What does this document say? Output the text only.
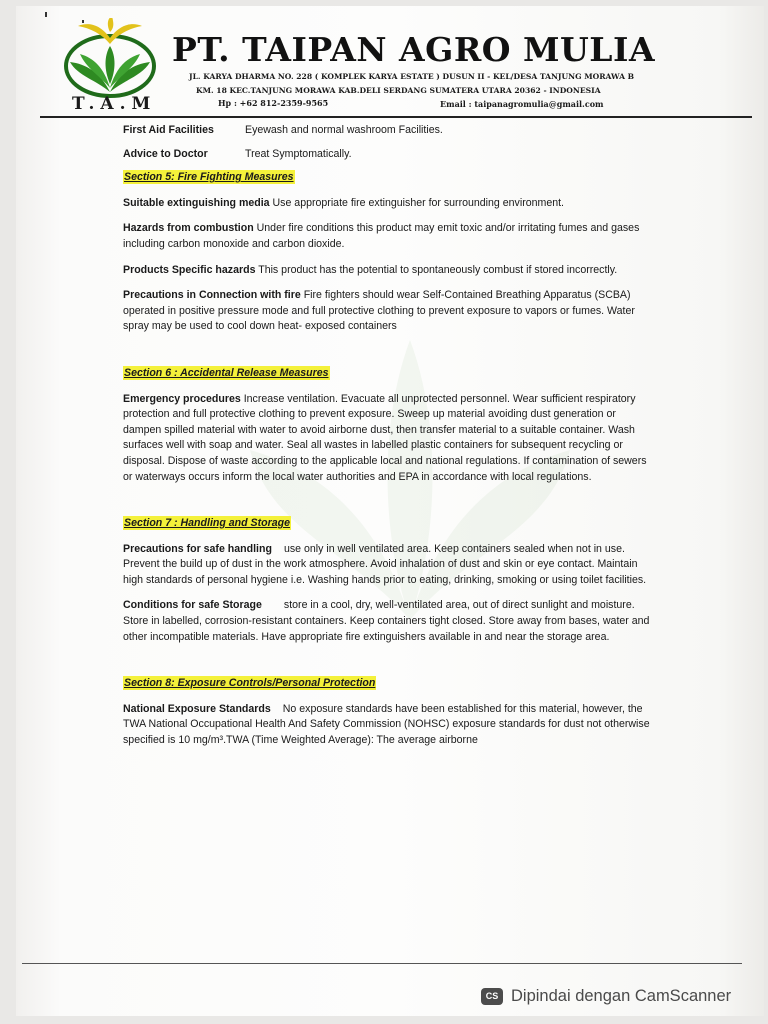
T.A.M
PT. TAIPAN AGRO MULIA
JL. KARYA DHARMA NO. 228 ( KOMPLEK KARYA ESTATE ) DUSUN II - KEL/DESA TANJUNG MORAWA B
KM. 18 KEC.TANJUNG MORAWA KAB.DELI SERDANG SUMATERA UTARA 20362 - INDONESIA
Hp : +62 812-2359-9565	Email : taipanagromulia@gmail.com
First Aid Facilities	Eyewash and normal washroom Facilities.
Advice to Doctor	Treat Symptomatically.
Section 5: Fire Fighting Measures

Suitable extinguishing media Use appropriate fire extinguisher for surrounding environment.

Hazards from combustion Under fire conditions this product may emit toxic and/or irritating fumes and gases including carbon monoxide and carbon dioxide.

Products Specific hazards This product has the potential to spontaneously combust if stored incorrectly.

Precautions in Connection with fire Fire fighters should wear Self-Contained Breathing Apparatus (SCBA) operated in positive pressure mode and full protective clothing to prevent exposure to vapors or fumes. Water spray may be used to cool down heat- exposed containers

Section 6 : Accidental Release Measures

Emergency procedures Increase ventilation. Evacuate all unprotected personnel. Wear sufficient respiratory protection and full protective clothing to prevent exposure. Sweep up material avoiding dust generation or dampen spilled material with water to avoid airborne dust, then transfer material to a suitable container. Wash surfaces well with soap and water. Seal all wastes in labelled plastic containers for subsequent recycling or disposal. Dispose of waste according to the applicable local and national regulations. If contamination of sewers or waterways occurs inform the local water authorities and EPA in accordance with local regulations.

Section 7 : Handling and Storage

Precautions for safe handling use only in well ventilated area. Keep containers sealed when not in use. Prevent the build up of dust in the work atmosphere. Avoid inhalation of dust and skin or eye contact. Maintain high standards of personal hygiene i.e. Washing hands prior to eating, drinking, smoking or using toilet facilities.

Conditions for safe Storage store in a cool, dry, well-ventilated area, out of direct sunlight and moisture. Store in labelled, corrosion-resistant containers. Keep containers tight closed. Store away from bases, water and other incompatible materials. Have appropriate fire extinguishers available in and near the storage area.

Section 8: Exposure Controls/Personal Protection

National Exposure Standards No exposure standards have been established for this material, however, the TWA National Occupational Health And Safety Commission (NOHSC) exposure standards for dust not otherwise specified is 10 mg/m³.TWA (Time Weighted Average): The average airborne

CS Dipindai dengan CamScanner
